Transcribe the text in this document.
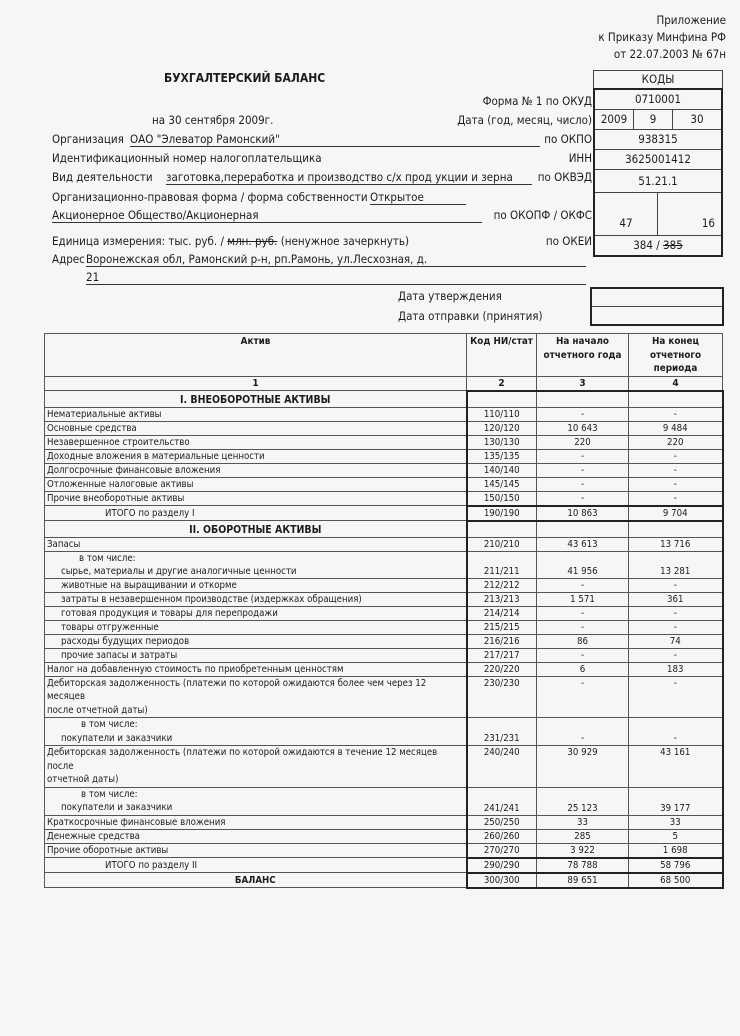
Приложение
к Приказу Минфина РФ
от 22.07.2003 № 67н
БУХГАЛТЕРСКИЙ БАЛАНС	КОДЫ
0710001
2009	9	30
938315
3625001412
51.21.1
47	16
384 / 385
Форма № 1 по ОКУД
на 30 сентября 2009г.	Дата (год, месяц, число)
Организация ОАО "Элеватор Рамонский"	по ОКПО
Идентификационный номер налогоплательщика	ИНН
Вид деятельности заготовка,переработка и производство с/х прод укции и зерна	по ОКВЭД
Организационно-правовая форма / форма собственности Открытое
Акционерное Общество/Акционерная	по ОКОПФ / ОКФС
Единица измерения: тыс. руб. / млн. руб. (ненужное зачеркнуть)	по ОКЕИ
Адрес Воронежская обл, Рамонский р-н, рп.Рамонь, ул.Лесхозная, д.
21
Дата утверждения
Дата отправки (принятия)
Актив	Код НИ/стат	На начало отчетного года	На конец отчетного периода
1	2	3	4
I. ВНЕОБОРОТНЫЕ АКТИВЫ			
Нематериальные активы	110/110	-	-
Основные средства	120/120	10 643	9 484
Незавершенное строительство	130/130	220	220
Доходные вложения в материальные ценности	135/135	-	-
Долгосрочные финансовые вложения	140/140	-	-
Отложенные налоговые активы	145/145	-	-
Прочие внеоборотные активы	150/150	-	-
ИТОГО по разделу I	190/190	10 863	9 704
II. ОБОРОТНЫЕ АКТИВЫ			
Запасы	210/210	43 613	13 716
в том числе:			
сырье, материалы и другие аналогичные ценности	211/211	41 956	13 281
животные на выращивании и откорме	212/212	-	-
затраты в незавершенном производстве (издержках обращения)	213/213	1 571	361
готовая продукция и товары для перепродажи	214/214	-	-
товары отгруженные	215/215	-	-
расходы будущих периодов	216/216	86	74
прочие запасы и затраты	217/217	-	-
Налог на добавленную стоимость по приобретенным ценностям	220/220	6	183

Дебиторская задолженность (платежи по которой ожидаются более чем через 12 месяцев
после отчетной даты)	230/230	-	-

в том числе:
покупатели и заказчики	231/231	-	-

Дебиторская задолженность (платежи по которой ожидаются в течение 12 месяцев после
отчетной даты)	240/240	30 929	43 161

в том числе:
покупатели и заказчики	241/241	25 123	39 177
Краткосрочные финансовые вложения	250/250	33	33
Денежные средства	260/260	285	5
Прочие оборотные активы	270/270	3 922	1 698
ИТОГО по разделу II	290/290	78 788	58 796
БАЛАНС	300/300	89 651	68 500
